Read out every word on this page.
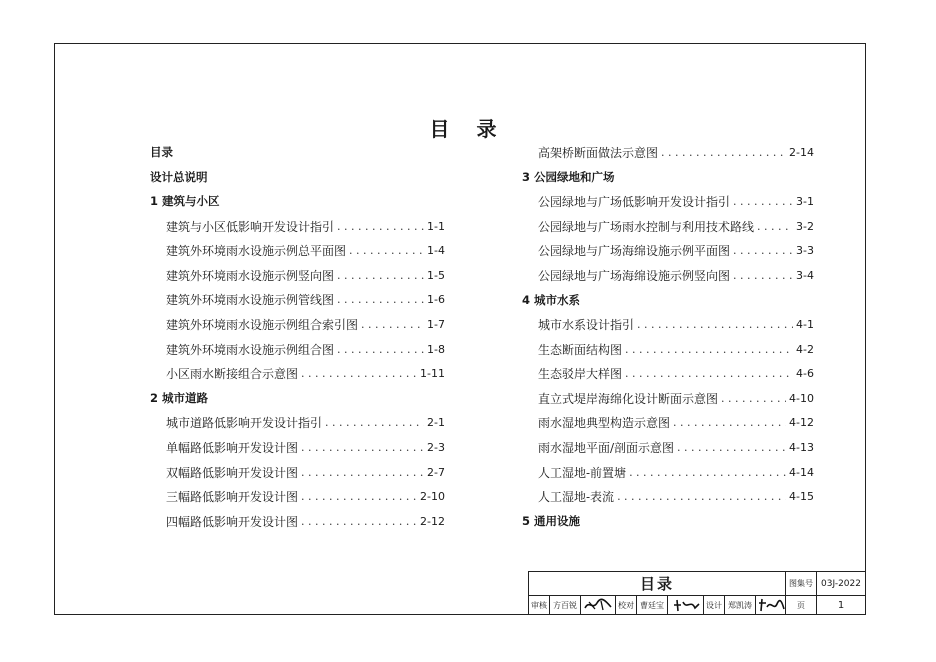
目 录
目录
设计总说明
1 建筑与小区
建筑与小区低影响开发设计指引 . . .	1-1
建筑外环境雨水设施示例总平面图 . . .	1-4
建筑外环境雨水设施示例竖向图 . . .	1-5
建筑外环境雨水设施示例管线图 . . .	1-6
建筑外环境雨水设施示例组合索引图 . . .	1-7
建筑外环境雨水设施示例组合图 . . .	1-8
小区雨水断接组合示意图 . . .	1-11
2 城市道路
城市道路低影响开发设计指引 . . .	2-1
单幅路低影响开发设计图 . . .	2-3
双幅路低影响开发设计图 . . .	2-7
三幅路低影响开发设计图 . . .	2-10
四幅路低影响开发设计图 . . .	2-12
高架桥断面做法示意图 . . .	2-14
3 公园绿地和广场
公园绿地与广场低影响开发设计指引 . . .	3-1
公园绿地与广场雨水控制与利用技术路线 . . .	3-2
公园绿地与广场海绵设施示例平面图 . . .	3-3
公园绿地与广场海绵设施示例竖向图 . . .	3-4
4 城市水系
城市水系设计指引 . . .	4-1
生态断面结构图 . . .	4-2
生态驳岸大样图 . . .	4-6
直立式堤岸海绵化设计断面示意图 . . .	4-10
雨水湿地典型构造示意图 . . .	4-12
雨水湿地平面/剖面示意图 . . .	4-13
人工湿地-前置塘 . . .	4-14
人工湿地-表流 . . .	4-15
5 通用设施
目录	图集号 03J-2022
审核 方百锐	校对 曹廷宝	设计 郑凯涛	页	1
